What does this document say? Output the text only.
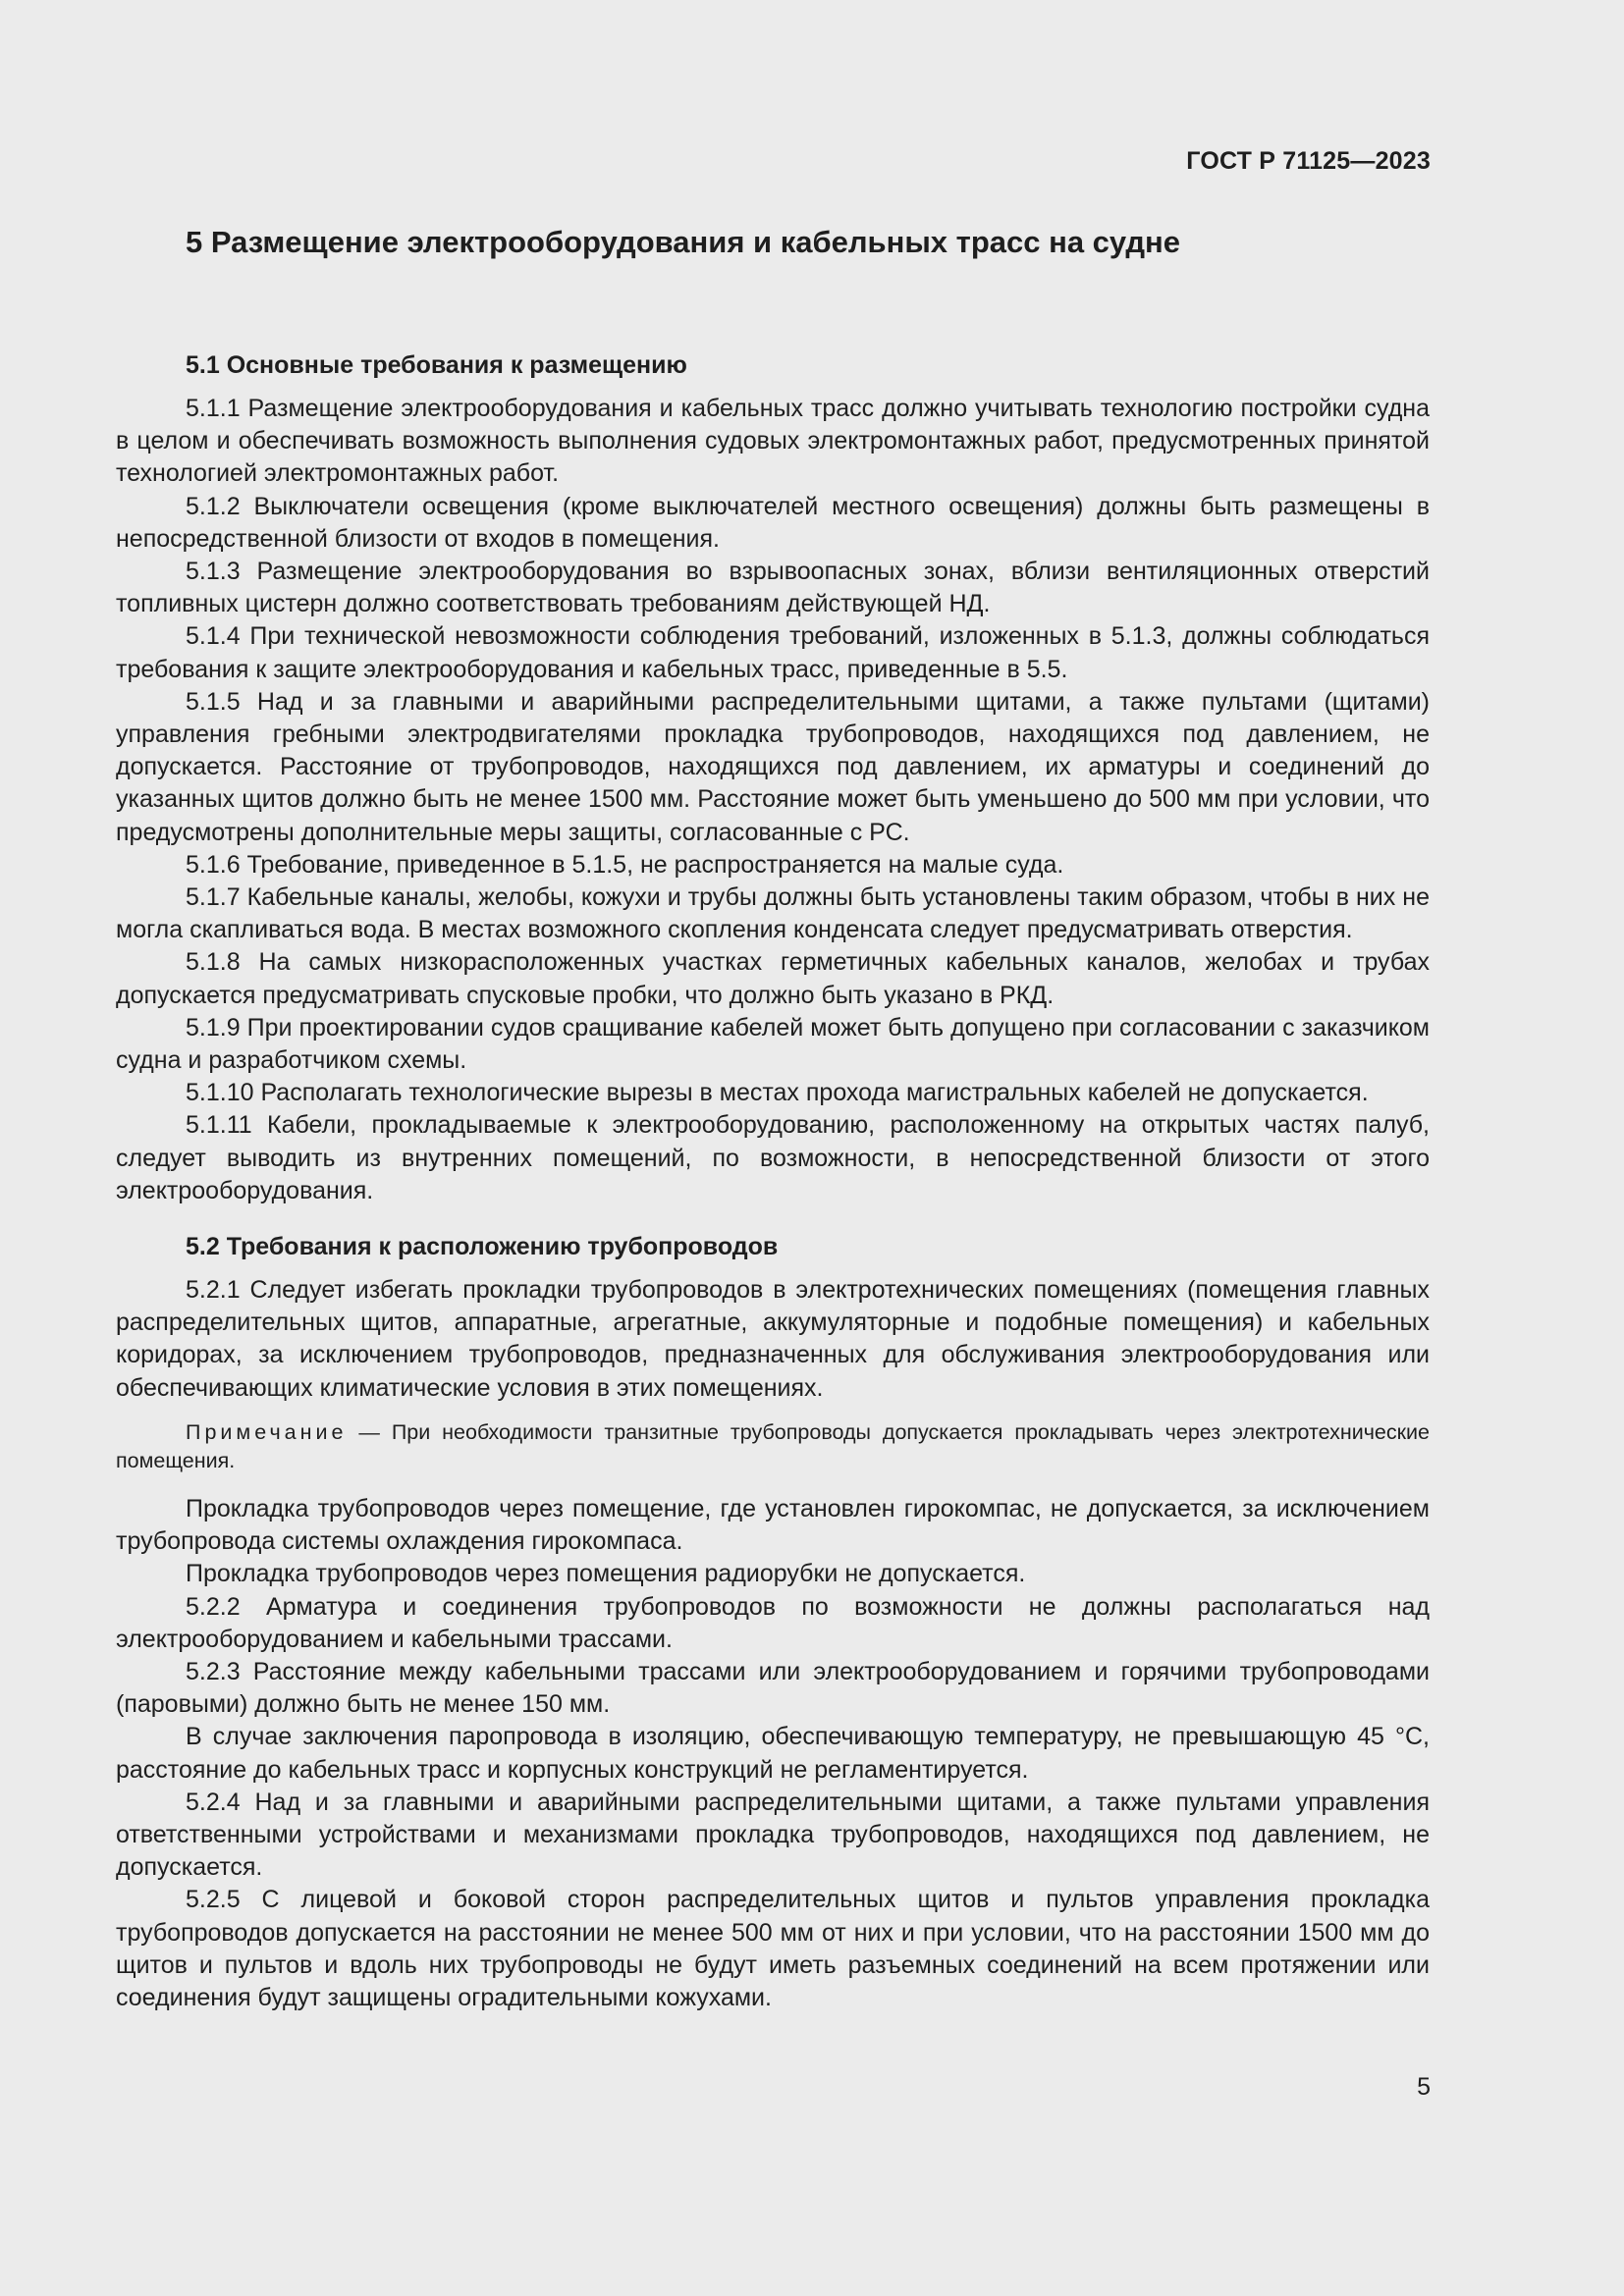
ГОСТ Р 71125—2023
5 Размещение электрооборудования и кабельных трасс на судне
5.1 Основные требования к размещению

5.1.1 Размещение электрооборудования и кабельных трасс должно учитывать технологию постройки судна в целом и обеспечивать возможность выполнения судовых электромонтажных работ, предусмотренных принятой технологией электромонтажных работ.

5.1.2 Выключатели освещения (кроме выключателей местного освещения) должны быть размещены в непосредственной близости от входов в помещения.

5.1.3 Размещение электрооборудования во взрывоопасных зонах, вблизи вентиляционных отверстий топливных цистерн должно соответствовать требованиям действующей НД.

5.1.4 При технической невозможности соблюдения требований, изложенных в 5.1.3, должны соблюдаться требования к защите электрооборудования и кабельных трасс, приведенные в 5.5.

5.1.5 Над и за главными и аварийными распределительными щитами, а также пультами (щитами) управления гребными электродвигателями прокладка трубопроводов, находящихся под давлением, не допускается. Расстояние от трубопроводов, находящихся под давлением, их арматуры и соединений до указанных щитов должно быть не менее 1500 мм. Расстояние может быть уменьшено до 500 мм при условии, что предусмотрены дополнительные меры защиты, согласованные с РС.

5.1.6 Требование, приведенное в 5.1.5, не распространяется на малые суда.

5.1.7 Кабельные каналы, желобы, кожухи и трубы должны быть установлены таким образом, чтобы в них не могла скапливаться вода. В местах возможного скопления конденсата следует предусматривать отверстия.

5.1.8 На самых низкорасположенных участках герметичных кабельных каналов, желобах и трубах допускается предусматривать спусковые пробки, что должно быть указано в РКД.

5.1.9 При проектировании судов сращивание кабелей может быть допущено при согласовании с заказчиком судна и разработчиком схемы.

5.1.10 Располагать технологические вырезы в местах прохода магистральных кабелей не допускается.

5.1.11 Кабели, прокладываемые к электрооборудованию, расположенному на открытых частях палуб, следует выводить из внутренних помещений, по возможности, в непосредственной близости от этого электрооборудования.

5.2 Требования к расположению трубопроводов

5.2.1 Следует избегать прокладки трубопроводов в электротехнических помещениях (помещения главных распределительных щитов, аппаратные, агрегатные, аккумуляторные и подобные помещения) и кабельных коридорах, за исключением трубопроводов, предназначенных для обслуживания электрооборудования или обеспечивающих климатические условия в этих помещениях.

Примечание — При необходимости транзитные трубопроводы допускается прокладывать через электротехнические помещения.

Прокладка трубопроводов через помещение, где установлен гирокомпас, не допускается, за исключением трубопровода системы охлаждения гирокомпаса.

Прокладка трубопроводов через помещения радиорубки не допускается.

5.2.2 Арматура и соединения трубопроводов по возможности не должны располагаться над электрооборудованием и кабельными трассами.

5.2.3 Расстояние между кабельными трассами или электрооборудованием и горячими трубопроводами (паровыми) должно быть не менее 150 мм.

В случае заключения паропровода в изоляцию, обеспечивающую температуру, не превышающую 45 °С, расстояние до кабельных трасс и корпусных конструкций не регламентируется.

5.2.4 Над и за главными и аварийными распределительными щитами, а также пультами управления ответственными устройствами и механизмами прокладка трубопроводов, находящихся под давлением, не допускается.

5.2.5 С лицевой и боковой сторон распределительных щитов и пультов управления прокладка трубопроводов допускается на расстоянии не менее 500 мм от них и при условии, что на расстоянии 1500 мм до щитов и пультов и вдоль них трубопроводы не будут иметь разъемных соединений на всем протяжении или соединения будут защищены оградительными кожухами.

5
